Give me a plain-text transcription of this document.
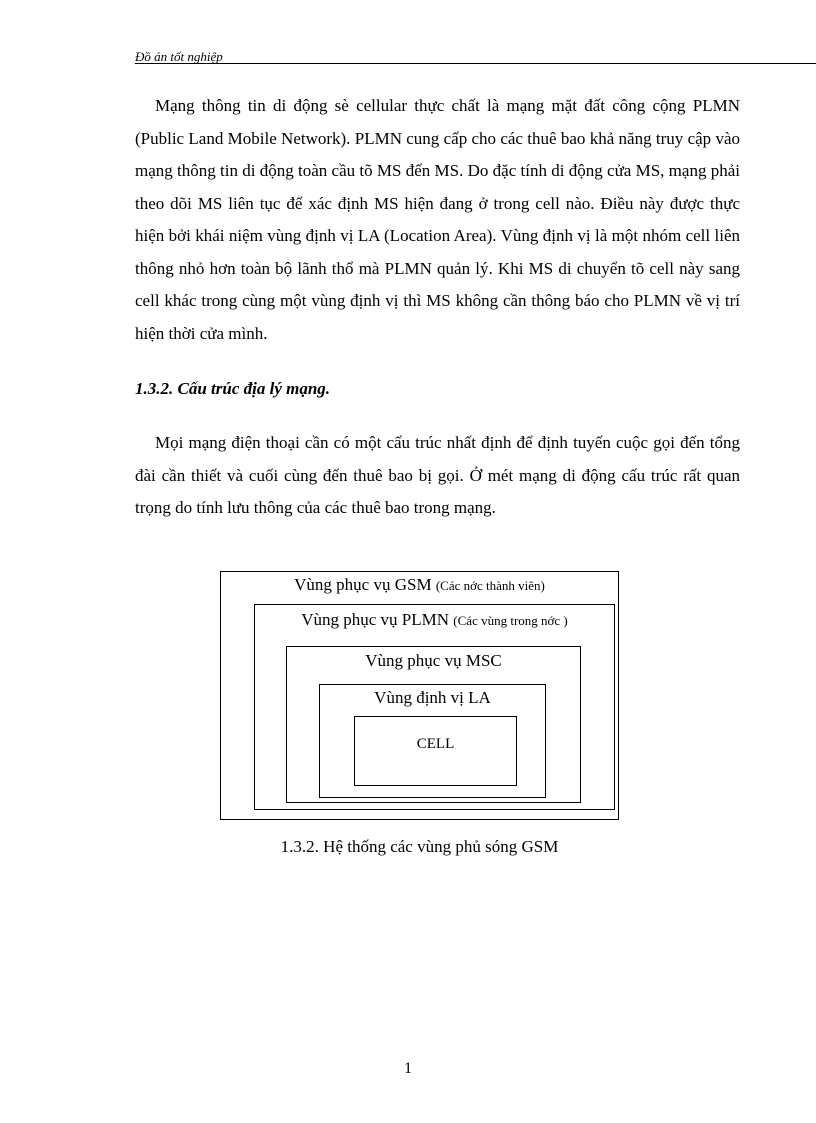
Đồ án tốt nghiệp

Mạng thông tin di động sè cellular thực chất là mạng mặt đất công cộng PLMN (Public Land Mobile Network). PLMN cung cấp cho các thuê bao khả năng truy cập vào mạng thông tin di động toàn cầu tõ MS đến MS. Do đặc tính di động cửa MS, mạng phải theo dõi MS liên tục để xác định MS hiện đang ở trong cell nào. Điều này được thực hiện bởi khái niệm vùng định vị LA (Location Area). Vùng định vị là một nhóm cell liên thông nhỏ hơn toàn bộ lãnh thổ mà PLMN quản lý. Khi MS di chuyển tõ cell này sang cell khác trong cùng một vùng định vị thì MS không cần thông báo cho PLMN về vị trí hiện thời cửa mình.

1.3.2. Cấu trúc địa lý mạng.

Mọi mạng điện thoại cần có một cấu trúc nhất định để định tuyến cuộc gọi đến tổng đài cần thiết và cuối cùng đến thuê bao bị gọi. Ở mét mạng di động cấu trúc rất quan trọng do tính lưu thông của các thuê bao trong mạng.

Vùng phục vụ GSM (Các nớc thành viên)
Vùng phục vụ PLMN (Các vùng trong nớc )
Vùng phục vụ MSC
Vùng định vị LA
CELL
1.3.2. Hệ thống các vùng phủ sóng GSM
1
